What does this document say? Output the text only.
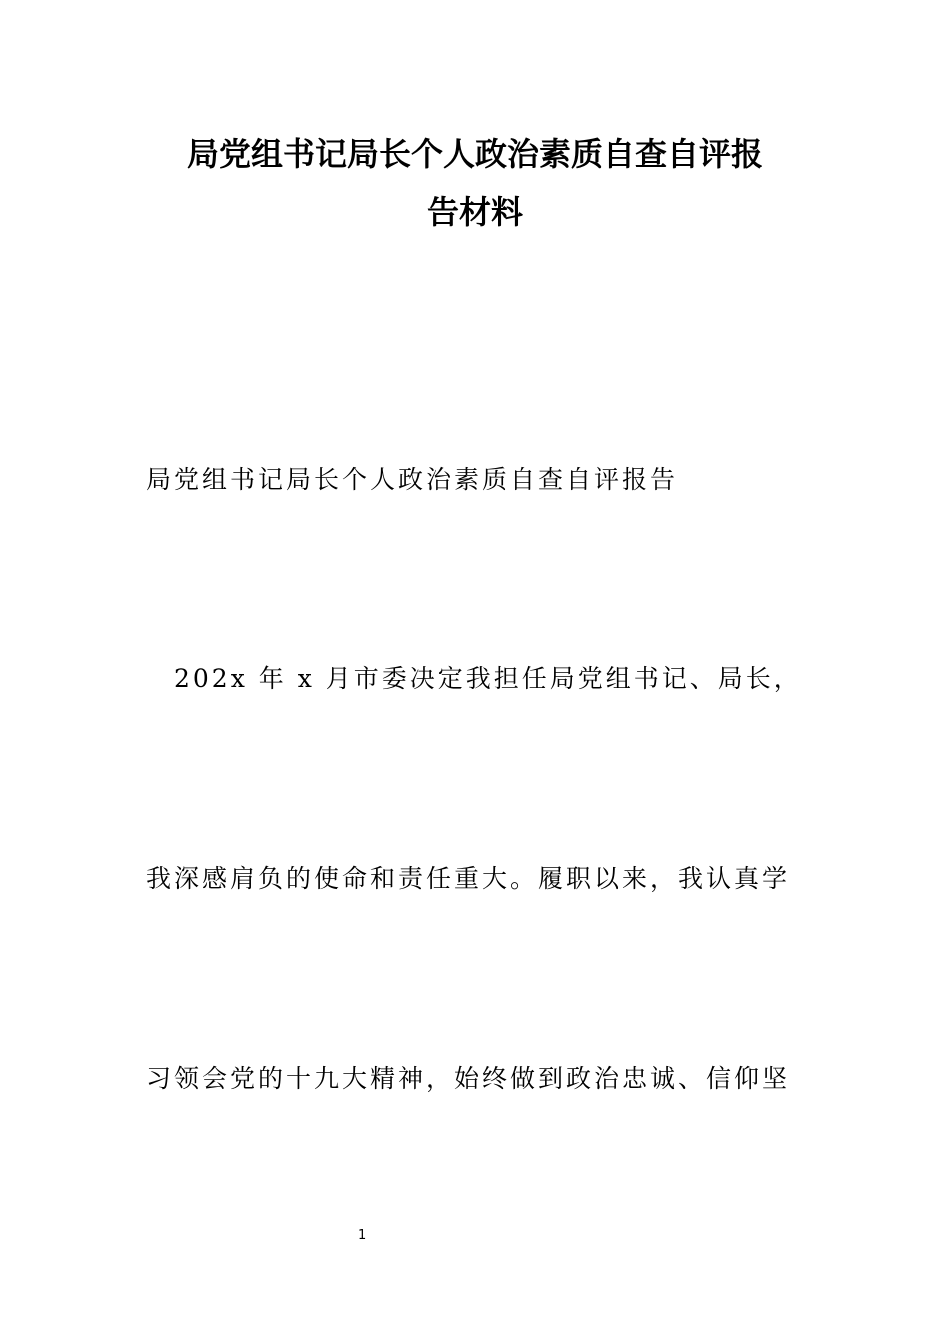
局党组书记局长个人政治素质自查自评报
告材料
局党组书记局长个人政治素质自查自评报告
202x 年 x 月市委决定我担任局党组书记、局长，
我深感肩负的使命和责任重大。履职以来，我认真学
习领会党的十九大精神，始终做到政治忠诚、信仰坚
1
